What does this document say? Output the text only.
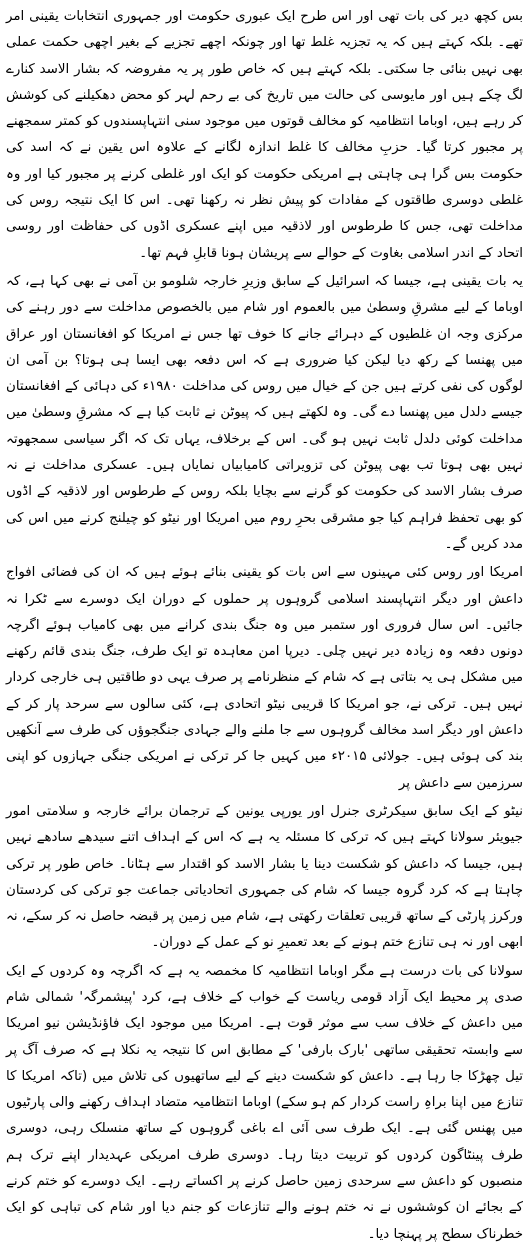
بس کچھ دیر کی بات تھی اور اس طرح ایک عبوری حکومت اور جمہوری انتخابات یقینی امر تھے۔ بلکہ کہتے ہیں کہ یہ تجزیہ غلط تھا اور چونکہ اچھے تجزیے کے بغیر اچھی حکمت عملی بھی نہیں بنائی جا سکتی۔ بلکہ کہتے ہیں کہ خاص طور پر یہ مفروضہ کہ بشار الاسد کنارے لگ چکے ہیں اور مایوسی کی حالت میں تاریخ کی بے رحم لہر کو محض دھکیلنے کی کوشش کر رہے ہیں، اوباما انتظامیہ کو مخالف قوتوں میں موجود سنی انتہاپسندوں کو کمتر سمجھنے پر مجبور کرتا گیا۔ حزبِ مخالف کا غلط اندازہ لگانے کے علاوہ اس یقین نے کہ اسد کی حکومت بس گرا ہی چاہتی ہے امریکی حکومت کو ایک اور غلطی کرنے پر مجبور کیا اور وہ غلطی دوسری طاقتوں کے مفادات کو پیش نظر نہ رکھنا تھی۔ اس کا ایک نتیجہ روس کی مداخلت تھی، جس کا طرطوس اور لاذقیہ میں اپنے عسکری اڈوں کی حفاظت اور روسی اتحاد کے اندر اسلامی بغاوت کے حوالے سے پریشان ہونا قابلِ فہم تھا۔

یہ بات یقینی ہے، جیسا کہ اسرائیل کے سابق وزیرِ خارجہ شلومو بن آمی نے بھی کہا ہے، کہ اوباما کے لیے مشرقِ وسطیٰ میں بالعموم اور شام میں بالخصوص مداخلت سے دور رہنے کی مرکزی وجہ ان غلطیوں کے دہرائے جانے کا خوف تھا جس نے امریکا کو افغانستان اور عراق میں پھنسا کے رکھ دیا لیکن کیا ضروری ہے کہ اس دفعہ بھی ایسا ہی ہوتا؟ بن آمی ان لوگوں کی نفی کرتے ہیں جن کے خیال میں روس کی مداخلت ۱۹۸۰ء کی دہائی کے افغانستان جیسے دلدل میں پھنسا دے گی۔ وہ لکھتے ہیں کہ پیوٹن نے ثابت کیا ہے کہ مشرقِ وسطیٰ میں مداخلت کوئی دلدل ثابت نہیں ہو گی۔ اس کے برخلاف، یہاں تک کہ اگر سیاسی سمجھوتہ نہیں بھی ہوتا تب بھی پیوٹن کی تزویراتی کامیابیاں نمایاں ہیں۔ عسکری مداخلت نے نہ صرف بشار الاسد کی حکومت کو گرنے سے بچایا بلکہ روس کے طرطوس اور لاذقیہ کے اڈوں کو بھی تحفظ فراہم کیا جو مشرقی بحرِ روم میں امریکا اور نیٹو کو چیلنج کرنے میں اس کی مدد کریں گے۔

امریکا اور روس کئی مہینوں سے اس بات کو یقینی بنائے ہوئے ہیں کہ ان کی فضائی افواج داعش اور دیگر انتہاپسند اسلامی گروہوں پر حملوں کے دوران ایک دوسرے سے ٹکرا نہ جائیں۔ اس سال فروری اور ستمبر میں وہ جنگ بندی کرانے میں بھی کامیاب ہوئے اگرچہ دونوں دفعہ وہ زیادہ دیر نہیں چلی۔ دیرپا امن معاہدہ تو ایک طرف، جنگ بندی قائم رکھنے میں مشکل ہی یہ بتاتی ہے کہ شام کے منظرنامے پر صرف یہی دو طاقتیں ہی خارجی کردار نہیں ہیں۔ ترکی نے، جو امریکا کا قریبی نیٹو اتحادی ہے، کئی سالوں سے سرحد پار کر کے داعش اور دیگر اسد مخالف گروہوں سے جا ملنے والے جہادی جنگجوؤں کی طرف سے آنکھیں بند کی ہوئی ہیں۔ جولائی ۲۰۱۵ء میں کہیں جا کر ترکی نے امریکی جنگی جہازوں کو اپنی سرزمین سے داعش پر

نیٹو کے ایک سابق سیکرٹری جنرل اور یورپی یونین کے ترجمان برائے خارجہ و سلامتی امور جیویئر سولانا کہتے ہیں کہ ترکی کا مسئلہ یہ ہے کہ اس کے اہداف اتنے سیدھے سادھے نہیں ہیں، جیسا کہ داعش کو شکست دینا یا بشار الاسد کو اقتدار سے ہٹانا۔ خاص طور پر ترکی چاہتا ہے کہ کرد گروہ جیسا کہ شام کی جمہوری اتحادیاتی جماعت جو ترکی کی کردستان ورکرز پارٹی کے ساتھ قریبی تعلقات رکھتی ہے، شام میں زمین پر قبضہ حاصل نہ کر سکے، نہ ابھی اور نہ ہی تنازع ختم ہونے کے بعد تعمیرِ نو کے عمل کے دوران۔

سولانا کی بات درست ہے مگر اوباما انتظامیہ کا مخمصہ یہ ہے کہ اگرچہ وہ کردوں کے ایک صدی پر محیط ایک آزاد قومی ریاست کے خواب کے خلاف ہے، کرد 'پیشمرگہ' شمالی شام میں داعش کے خلاف سب سے موثر قوت ہے۔ امریکا میں موجود ایک فاؤنڈیشن نیو امریکا سے وابستہ تحقیقی ساتھی 'بارک بارفی' کے مطابق اس کا نتیجہ یہ نکلا ہے کہ صرف آگ پر تیل چھڑکا جا رہا ہے۔ داعش کو شکست دینے کے لیے ساتھیوں کی تلاش میں (تاکہ امریکا کا تنازع میں اپنا براہِ راست کردار کم ہو سکے) اوباما انتظامیہ متضاد اہداف رکھنے والی پارٹیوں میں پھنس گئی ہے۔ ایک طرف سی آئی اے باغی گروہوں کے ساتھ منسلک رہی، دوسری طرف پینٹاگون کردوں کو تربیت دیتا رہا۔ دوسری طرف امریکی عہدیدار اپنے ترک ہم منصبوں کو داعش سے سرحدی زمین حاصل کرنے پر اکساتے رہے۔ ایک دوسرے کو ختم کرنے کے بجائے ان کوششوں نے نہ ختم ہونے والے تنازعات کو جنم دیا اور شام کی تباہی کو ایک خطرناک سطح پر پہنچا دیا۔
